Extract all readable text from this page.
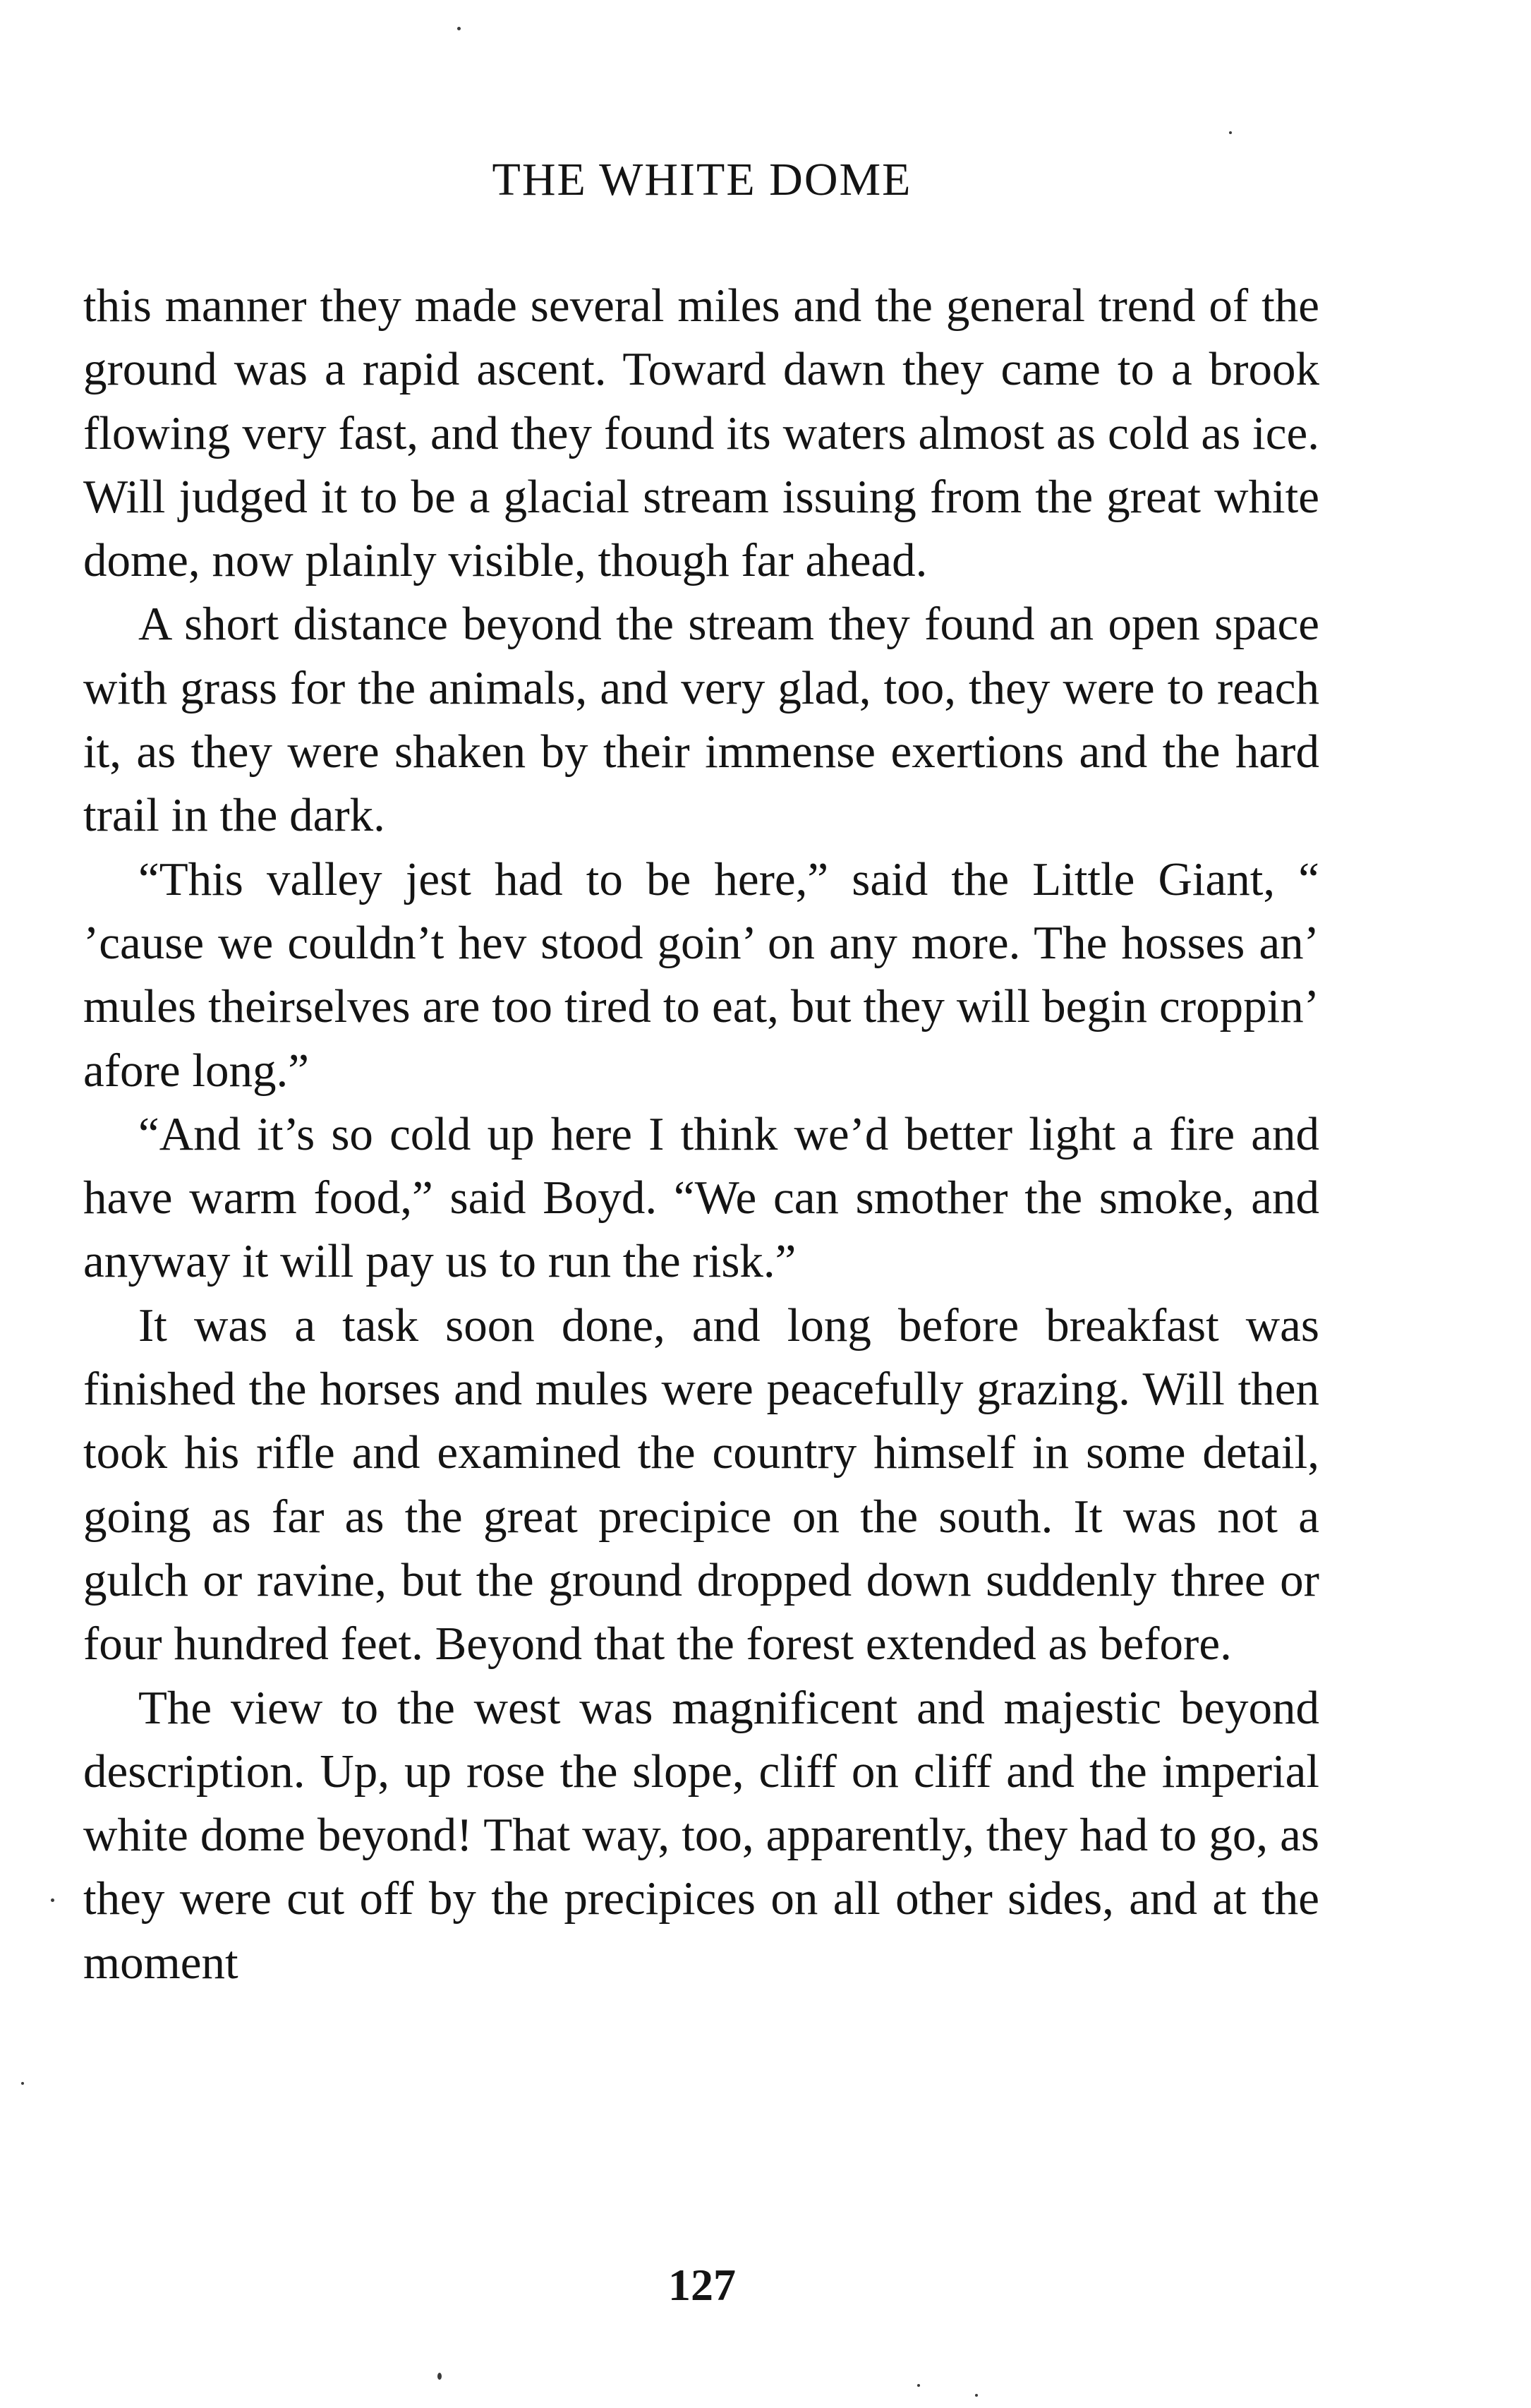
THE WHITE DOME

this manner they made several miles and the general trend of the ground was a rapid ascent. Toward dawn they came to a brook flowing very fast, and they found its waters almost as cold as ice. Will judged it to be a glacial stream issuing from the great white dome, now plainly visible, though far ahead.

A short distance beyond the stream they found an open space with grass for the animals, and very glad, too, they were to reach it, as they were shaken by their immense exertions and the hard trail in the dark.

“This valley jest had to be here,” said the Little Giant, “ ’cause we couldn’t hev stood goin’ on any more. The hosses an’ mules theirselves are too tired to eat, but they will begin croppin’ afore long.”

“And it’s so cold up here I think we’d better light a fire and have warm food,” said Boyd. “We can smother the smoke, and anyway it will pay us to run the risk.”

It was a task soon done, and long before breakfast was finished the horses and mules were peacefully grazing. Will then took his rifle and examined the country himself in some detail, going as far as the great precipice on the south. It was not a gulch or ravine, but the ground dropped down suddenly three or four hundred feet. Beyond that the forest extended as before.

The view to the west was magnificent and majestic beyond description. Up, up rose the slope, cliff on cliff and the imperial white dome beyond! That way, too, apparently, they had to go, as they were cut off by the precipices on all other sides, and at the moment

127
